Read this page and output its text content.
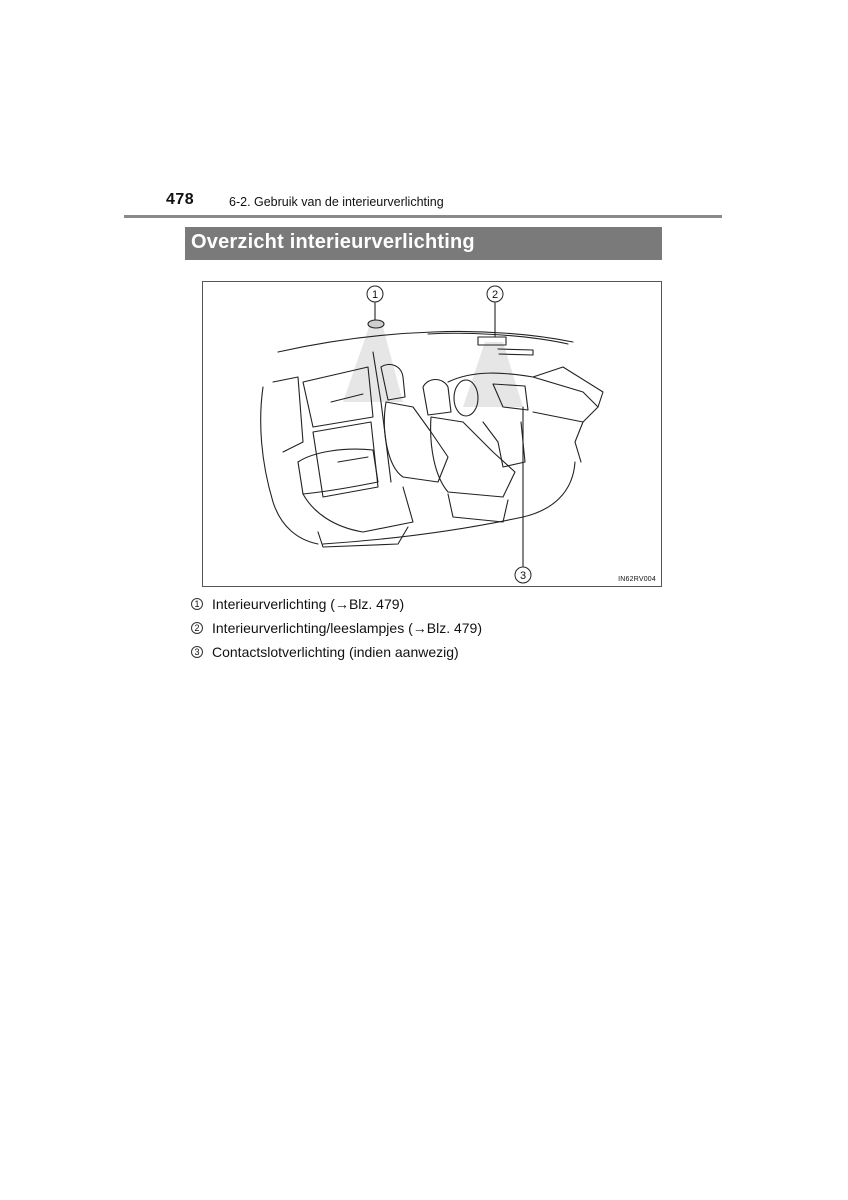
478	6-2. Gebruik van de interieurverlichting
Overzicht interieurverlichting
1	2
3	IN62RV004
1 Interieurverlichting (→Blz. 479)
2 Interieurverlichting/leeslampjes (→Blz. 479)
3 Contactslotverlichting (indien aanwezig)
